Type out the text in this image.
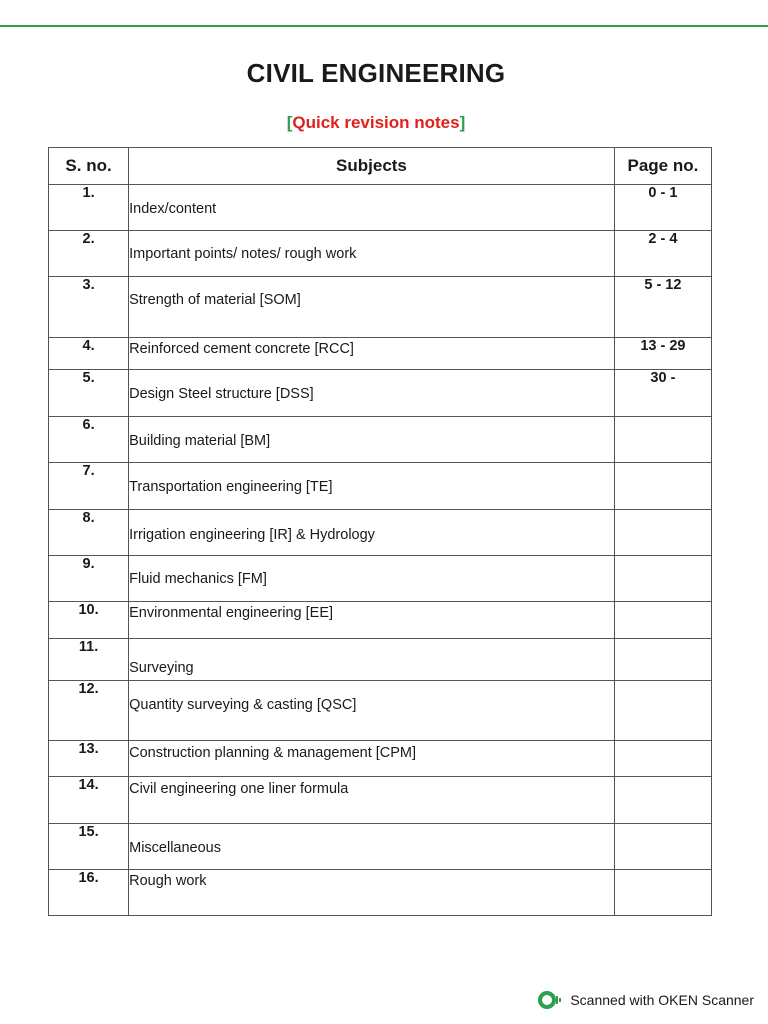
CIVIL ENGINEERING
[Quick revision notes]
S. no.	Subjects	Page no.
1.	Index/content	0 - 1
2.	Important points/ notes/ rough work	2 - 4
3.	Strength of material [SOM]	5 - 12
4.	Reinforced cement concrete [RCC]	13 - 29
5.	Design Steel structure [DSS]	30 -
6.	Building material [BM]	
7.	Transportation engineering [TE]	
8.	Irrigation engineering [IR] & Hydrology	
9.	Fluid mechanics [FM]	
10.	Environmental engineering [EE]	
11.	Surveying	
12.	Quantity surveying & casting [QSC]	
13.	Construction planning & management [CPM]	
14.	Civil engineering one liner formula	
15.	Miscellaneous	
16.	Rough work	
Scanned with OKEN Scanner
